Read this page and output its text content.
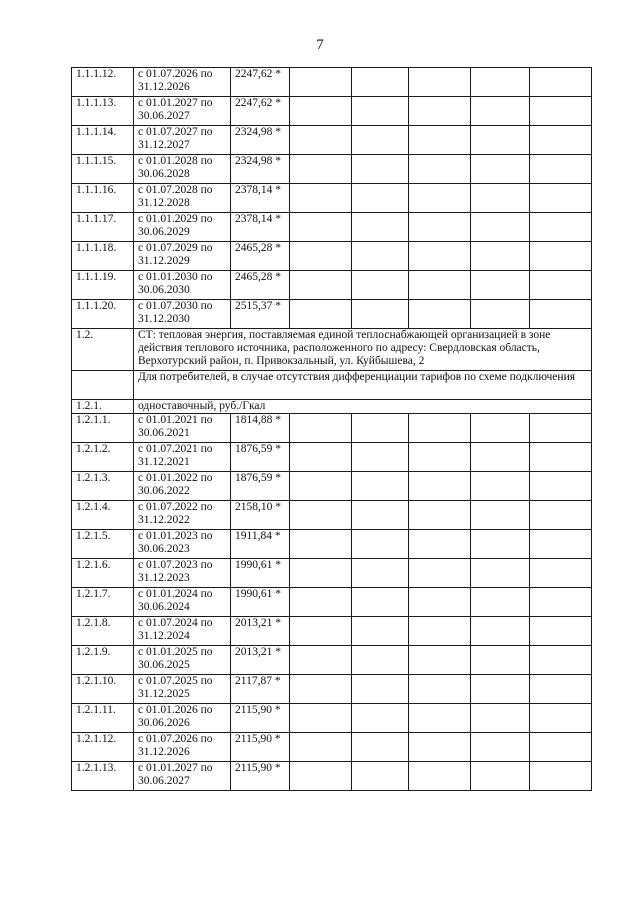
7
1.1.1.12.	с 01.07.2026 по 31.12.2026	2247,62 *					
1.1.1.13.	с 01.01.2027 по 30.06.2027	2247,62 *					
1.1.1.14.	с 01.07.2027 по 31.12.2027	2324,98 *					
1.1.1.15.	с 01.01.2028 по 30.06.2028	2324,98 *					
1.1.1.16.	с 01.07.2028 по 31.12.2028	2378,14 *					
1.1.1.17.	с 01.01.2029 по 30.06.2029	2378,14 *					
1.1.1.18.	с 01.07.2029 по 31.12.2029	2465,28 *					
1.1.1.19.	с 01.01.2030 по 30.06.2030	2465,28 *					
1.1.1.20.	с 01.07.2030 по 31.12.2030	2515,37 *					
1.2.	СТ: тепловая энергия, поставляемая единой теплоснабжающей организацией в зоне действия теплового источника, расположенного по адресу: Свердловская область, Верхотурский район, п. Привокзальный, ул. Куйбышева, 2						
	Для потребителей, в случае отсутствия дифференциации тарифов по схеме подключения						
1.2.1.	одноставочный, руб./Гкал						
1.2.1.1.	с 01.01.2021 по 30.06.2021	1814,88 *					
1.2.1.2.	с 01.07.2021 по 31.12.2021	1876,59 *					
1.2.1.3.	с 01.01.2022 по 30.06.2022	1876,59 *					
1.2.1.4.	с 01.07.2022 по 31.12.2022	2158,10 *					
1.2.1.5.	с 01.01.2023 по 30.06.2023	1911,84 *					
1.2.1.6.	с 01.07.2023 по 31.12.2023	1990,61 *					
1.2.1.7.	с 01.01.2024 по 30.06.2024	1990,61 *					
1.2.1.8.	с 01.07.2024 по 31.12.2024	2013,21 *					
1.2.1.9.	с 01.01.2025 по 30.06.2025	2013,21 *					
1.2.1.10.	с 01.07.2025 по 31.12.2025	2117,87 *					
1.2.1.11.	с 01.01.2026 по 30.06.2026	2115,90 *					
1.2.1.12.	с 01.07.2026 по 31.12.2026	2115,90 *					
1.2.1.13.	с 01.01.2027 по 30.06.2027	2115,90 *					
